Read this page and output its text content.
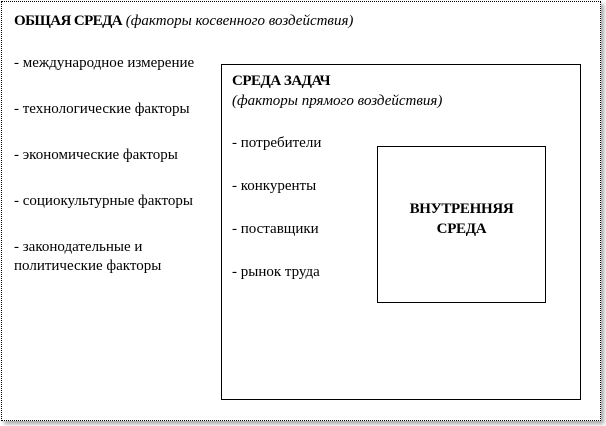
ОБЩАЯ СРЕДА (факторы косвенного воздействия)
- международное измерение
- технологические факторы
- экономические факторы
- социокультурные факторы
- законодательные и политические факторы
СРЕДА ЗАДАЧ
(факторы прямого воздействия)
- потребители
- конкуренты
- поставщики
- рынок труда
ВНУТРЕННЯЯ
СРЕДА
